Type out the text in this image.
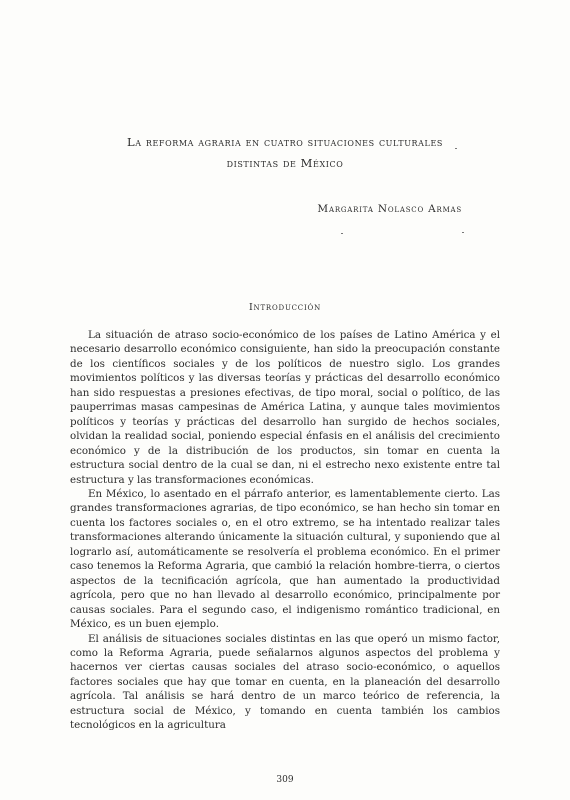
La reforma agraria en cuatro situaciones culturales
distintas de México
Margarita Nolasco Armas
Introducción

La situación de atraso socio-económico de los países de Latino América y el necesario desarrollo económico consiguiente, han sido la preocupación constante de los científicos sociales y de los políticos de nuestro siglo. Los grandes movimientos políticos y las diversas teorías y prácticas del desarrollo económico han sido respuestas a presiones efectivas, de tipo moral, social o político, de las pauperrimas masas campesinas de América Latina, y aunque tales movimientos políticos y teorías y prácticas del desarrollo han surgido de hechos sociales, olvidan la realidad social, poniendo especial énfasis en el análisis del crecimiento económico y de la distribución de los productos, sin tomar en cuenta la estructura social dentro de la cual se dan, ni el estrecho nexo existente entre tal estructura y las transformaciones económicas.

En México, lo asentado en el párrafo anterior, es lamentablemente cierto. Las grandes transformaciones agrarias, de tipo económico, se han hecho sin tomar en cuenta los factores sociales o, en el otro extremo, se ha intentado realizar tales transformaciones alterando únicamente la situación cultural, y suponiendo que al lograrlo así, automáticamente se resolvería el problema económico. En el primer caso tenemos la Reforma Agraria, que cambió la relación hombre-tierra, o ciertos aspectos de la tecnificación agrícola, que han aumentado la productividad agrícola, pero que no han llevado al desarrollo económico, principalmente por causas sociales. Para el segundo caso, el indigenismo romántico tradicional, en México, es un buen ejemplo.

El análisis de situaciones sociales distintas en las que operó un mismo factor, como la Reforma Agraria, puede señalarnos algunos aspectos del problema y hacernos ver ciertas causas sociales del atraso socio-económico, o aquellos factores sociales que hay que tomar en cuenta, en la planeación del desarrollo agrícola. Tal análisis se hará dentro de un marco teórico de referencia, la estructura social de México, y tomando en cuenta también los cambios tecnológicos en la agricultura

309
